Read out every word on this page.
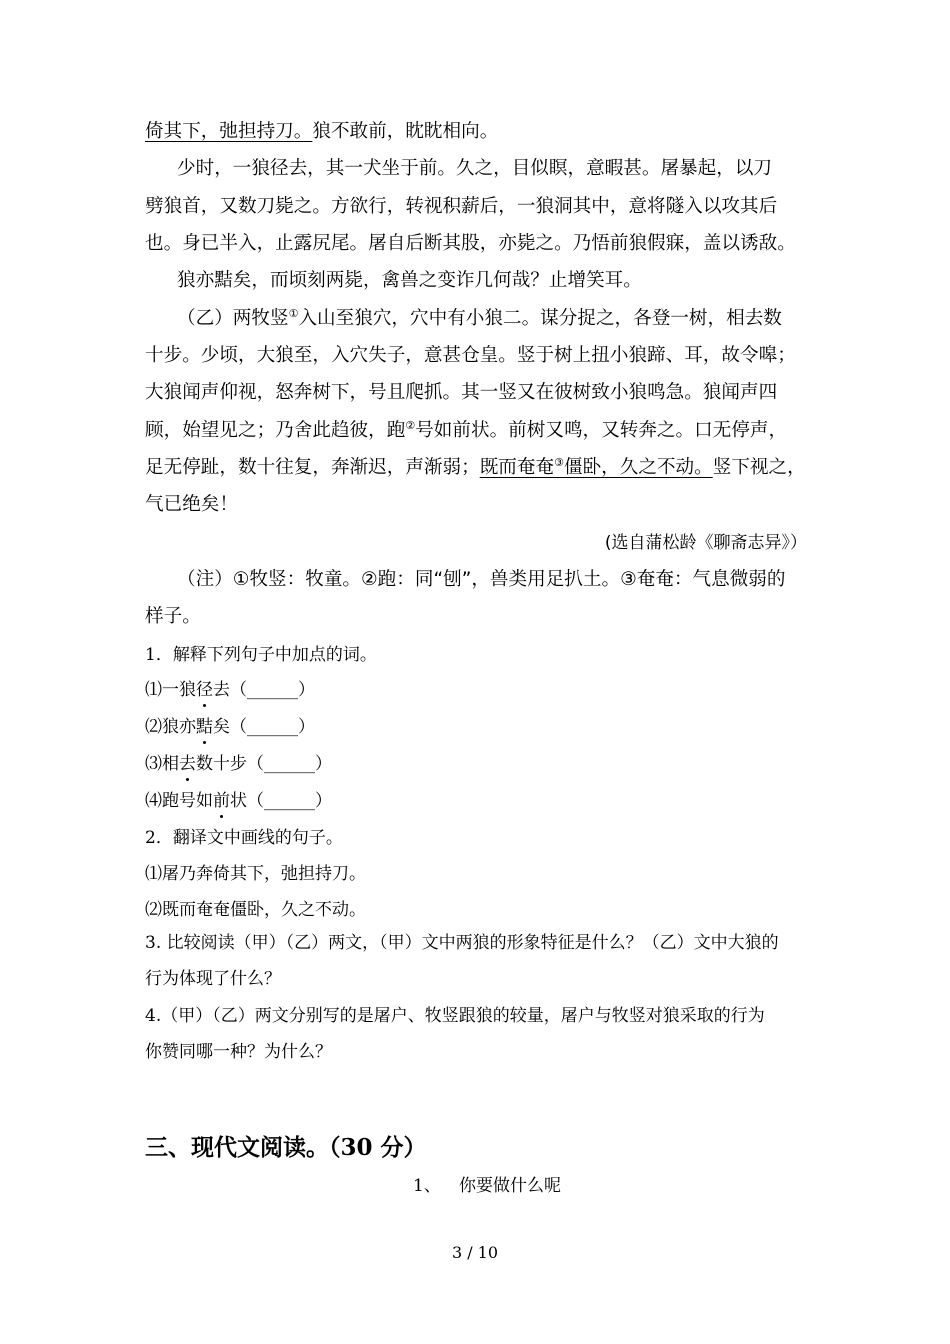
倚其下，弛担持刀。狼不敢前，眈眈相向。
少时，一狼径去，其一犬坐于前。久之，目似瞑，意暇甚。屠暴起，以刀
劈狼首，又数刀毙之。方欲行，转视积薪后，一狼洞其中，意将隧入以攻其后
也。身已半入，止露尻尾。屠自后断其股，亦毙之。乃悟前狼假寐，盖以诱敌。
狼亦黠矣，而顷刻两毙，禽兽之变诈几何哉？止增笑耳。
（乙）两牧竖①入山至狼穴，穴中有小狼二。谋分捉之，各登一树，相去数
十步。少顷，大狼至，入穴失子，意甚仓皇。竖于树上扭小狼蹄、耳，故令嗥；
大狼闻声仰视，怒奔树下，号且爬抓。其一竖又在彼树致小狼鸣急。狼闻声四
顾，始望见之；乃舍此趋彼，跑②号如前状。前树又鸣，又转奔之。口无停声，
足无停趾，数十往复，奔渐迟，声渐弱；既而奄奄③僵卧，久之不动。竖下视之，
气已绝矣！
(选自蒲松龄《聊斋志异》）
（注）①牧竖：牧童。②跑：同“刨”，兽类用足扒土。③奄奄：气息微弱的
样子。
1．解释下列句子中加点的词。
⑴一狼径去（______）
⑵狼亦黠矣（______）
⑶相去数十步（______）
⑷跑号如前状（______）
2．翻译文中画线的句子。
⑴屠乃奔倚其下，弛担持刀。
⑵既而奄奄僵卧，久之不动。
3. 比较阅读（甲）（乙）两文，（甲）文中两狼的形象特征是什么？（乙）文中大狼的
行为体现了什么？
4.（甲）（乙）两文分别写的是屠户、牧竖跟狼的较量，屠户与牧竖对狼采取的行为
你赞同哪一种？为什么？
三、现代文阅读。（30 分）
1、 你要做什么呢
3 / 10
